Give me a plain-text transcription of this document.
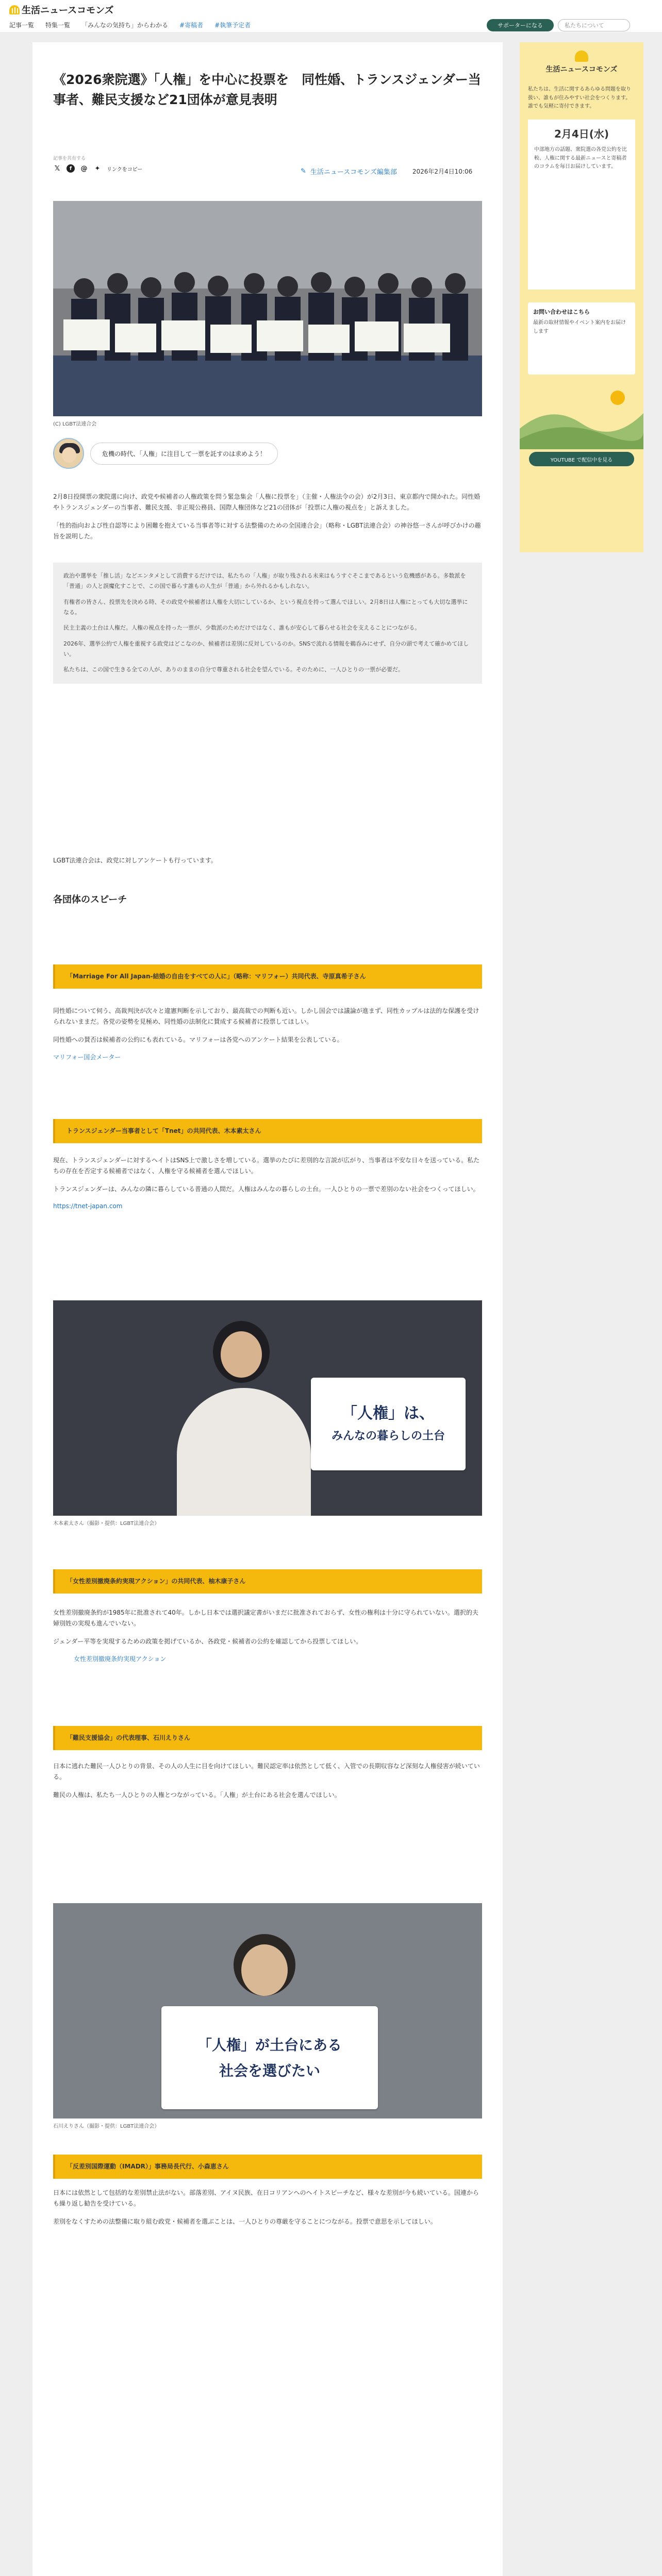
生活ニュースコモンズ
記事一覧 特集一覧 「みんなの気持ち」からわかる #寄稿者 #執筆予定者	サポーターになる	私たちについて
《2026衆院選》「人権」を中心に投票を　同性婚、トランスジェンダー当事者、難民支援など21団体が意見表明
記事を共有する
𝕏	f	@ ✦ リンクをコピー	✎ 生活ニュースコモンズ編集部	2026年2月4日10:06
(C) LGBT法連合会
危機の時代、「人権」に注目して一票を託すのは求めよう！

2月8日投開票の衆院選に向け、政党や候補者の人権政策を問う緊急集会「人権に投票を」（主催・人権法令の会）が2月3日、東京都内で開かれた。同性婚やトランスジェンダーの当事者、難民支援、非正規公務員、国際人権団体など21の団体が「投票に人権の視点を」と訴えました。

「性的指向および性自認等により困難を抱えている当事者等に対する法整備のための全国連合会」（略称・LGBT法連合会）の神谷悠一さんが呼びかけの趣旨を説明した。

政治や選挙を「推し活」などエンタメとして消費するだけでは、私たちの「人権」が取り残される未来はもうすぐそこまであるという危機感がある。多数派を「普通」の人と誤魔化すことで、この国で暮らす誰もの人生が「普通」から外れるかもしれない。

有権者の皆さん、投票先を決める時、その政党や候補者は人権を大切にしているか、という視点を持って選んでほしい。2月8日は人権にとっても大切な選挙になる。

民主主義の土台は人権だ。人権の視点を持った一票が、少数派のためだけではなく、誰もが安心して暮らせる社会を支えることにつながる。

2026年、選挙公約で人権を重視する政党はどこなのか、候補者は差別に反対しているのか。SNSで流れる情報を鵜呑みにせず、自分の頭で考えて確かめてほしい。

私たちは、この国で生きる全ての人が、ありのままの自分で尊重される社会を望んでいる。そのために、一人ひとりの一票が必要だ。

LGBT法連合会は、政党に対しアンケートも行っています。

各団体のスピーチ
「Marriage For All Japan-結婚の自由をすべての人に」（略称：マリフォー）共同代表、寺原真希子さん

同性婚について伺う、高裁判決が次々と違憲判断を示しており、最高裁での判断も近い。しかし国会では議論が進まず、同性カップルは法的な保護を受けられないままだ。各党の姿勢を見極め、同性婚の法制化に賛成する候補者に投票してほしい。

同性婚への賛否は候補者の公約にも表れている。マリフォーは各党へのアンケート結果を公表している。

マリフォー国会メーター
トランスジェンダー当事者として「Tnet」の共同代表、木本素太さん

現在、トランスジェンダーに対するヘイトはSNS上で激しさを増している。選挙のたびに差別的な言説が広がり、当事者は不安な日々を送っている。私たちの存在を否定する候補者ではなく、人権を守る候補者を選んでほしい。

トランスジェンダーは、みんなの隣に暮らしている普通の人間だ。人権はみんなの暮らしの土台。一人ひとりの一票で差別のない社会をつくってほしい。

https://tnet-japan.com
「人権」は、
みんなの暮らしの土台
木本素太さん（撮影・提供：LGBT法連合会）
「女性差別撤廃条約実現アクション」の共同代表、柚木康子さん

女性差別撤廃条約が1985年に批准されて40年。しかし日本では選択議定書がいまだに批准されておらず、女性の権利は十分に守られていない。選択的夫婦別姓の実現も進んでいない。

ジェンダー平等を実現するための政策を掲げているか、各政党・候補者の公約を確認してから投票してほしい。

女性差別撤廃条約実現アクション
「難民支援協会」の代表理事、石川えりさん

日本に逃れた難民一人ひとりの背景、その人の人生に目を向けてほしい。難民認定率は依然として低く、入管での長期収容など深刻な人権侵害が続いている。

難民の人権は、私たち一人ひとりの人権とつながっている。「人権」が土台にある社会を選んでほしい。

「人権」が土台にある
社会を選びたい
石川えりさん（撮影・提供：LGBT法連合会）
「反差別国際運動（IMADR）」事務局長代行、小森恵さん

日本には依然として包括的な差別禁止法がない。部落差別、アイヌ民族、在日コリアンへのヘイトスピーチなど、様々な差別が今も続いている。国連からも繰り返し勧告を受けている。

差別をなくすための法整備に取り組む政党・候補者を選ぶことは、一人ひとりの尊厳を守ることにつながる。投票で意思を示してほしい。

生活ニュースコモンズ
私たちは、生活に関するあらゆる問題を取り扱い、誰もが住みやすい社会をつくります。誰でも気軽に寄付できます。
2月4日(水)
中部地方の話題、衆院選の各党公約を比較、人権に関する最新ニュースと寄稿者のコラムを毎日お届けしています。
お問い合わせはこちら
最新の取材情報やイベント案内をお届けします
YOUTUBE で配信中を見る
